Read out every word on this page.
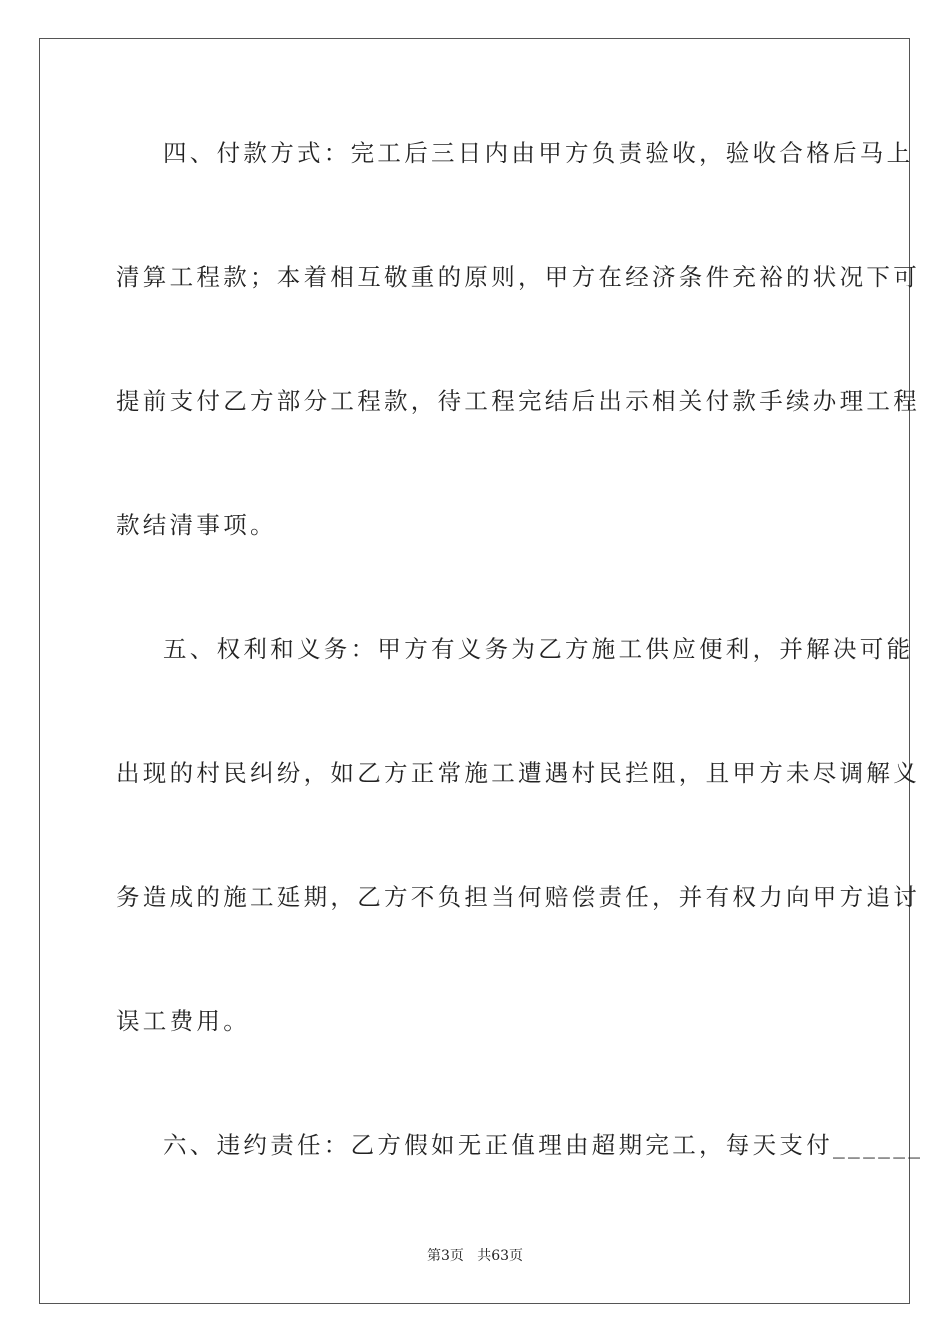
四、付款方式：完工后三日内由甲方负责验收，验收合格后马上
清算工程款；本着相互敬重的原则，甲方在经济条件充裕的状况下可
提前支付乙方部分工程款，待工程完结后出示相关付款手续办理工程
款结清事项。
五、权利和义务：甲方有义务为乙方施工供应便利，并解决可能
出现的村民纠纷，如乙方正常施工遭遇村民拦阻，且甲方未尽调解义
务造成的施工延期，乙方不负担当何赔偿责任，并有权力向甲方追讨
误工费用。
六、违约责任：乙方假如无正值理由超期完工，每天支付______
第3页   共63页
